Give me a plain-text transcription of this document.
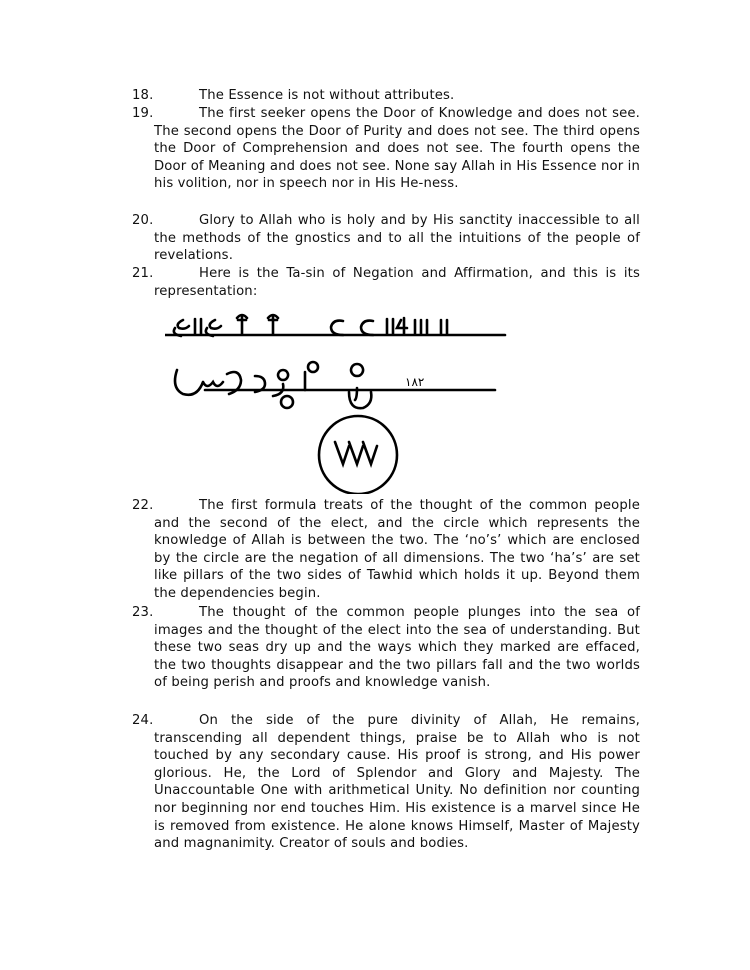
18.	The Essence is not without attributes.
19.	The first seeker opens the Door of Knowledge and does not see. The second opens the Door of Purity and does not see. The third opens the Door of Comprehension and does not see. The fourth opens the Door of Meaning and does not see. None say Allah in His Essence nor in his volition, nor in speech nor in His He-ness.
20.	Glory to Allah who is holy and by His sanctity inaccessible to all the methods of the gnostics and to all the intuitions of the people of revelations.
21.	Here is the Ta-sin of Negation and Affirmation, and this is its representation:
١٨٢
22.	The first formula treats of the thought of the common people and the second of the elect, and the circle which represents the knowledge of Allah is between the two. The ‘no’s’ which are enclosed by the circle are the negation of all dimensions. The two ‘ha’s’ are set like pillars of the two sides of Tawhid which holds it up. Beyond them the dependencies begin.
23.	The thought of the common people plunges into the sea of images and the thought of the elect into the sea of understanding. But these two seas dry up and the ways which they marked are effaced, the two thoughts disappear and the two pillars fall and the two worlds of being perish and proofs and knowledge vanish.
24.	On the side of the pure divinity of Allah, He remains, transcending all dependent things, praise be to Allah who is not touched by any secondary cause. His proof is strong, and His power glorious. He, the Lord of Splendor and Glory and Majesty. The Unaccountable One with arithmetical Unity. No definition nor counting nor beginning nor end touches Him. His existence is a marvel since He is removed from existence. He alone knows Himself, Master of Majesty and magnanimity. Creator of souls and bodies.
